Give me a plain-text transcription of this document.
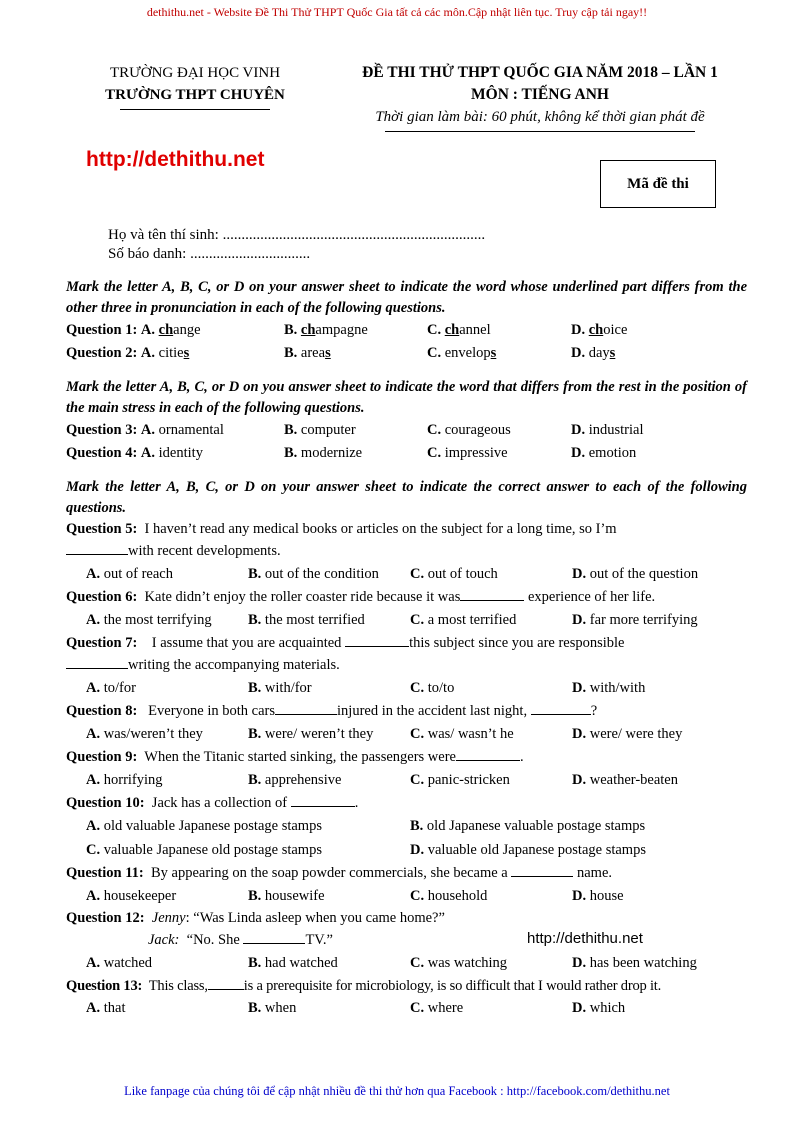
dethithu.net - Website Đề Thi Thử THPT Quốc Gia tất cả các môn.Cập nhật liên tục. Truy cập tải ngay!!
TRƯỜNG ĐẠI HỌC VINH
TRƯỜNG THPT CHUYÊN
ĐỀ THI THỬ THPT QUỐC GIA NĂM 2018 – LẦN 1
MÔN : TIẾNG ANH
Thời gian làm bài: 60 phút, không kể thời gian phát đề
http://dethithu.net
Mã đề thi
Họ và tên thí sinh: ......................................................................
Số báo danh: ................................
http://dethithu.net

Mark the letter A, B, C, or D on your answer sheet to indicate the word whose underlined part differs from the other three in pronunciation in each of the following questions.

Question 1: A. change	B. champagne	C. channel	D. choice
Question 2: A. cities	B. areas	C. envelops	D. days

Mark the letter A, B, C, or D on you answer sheet to indicate the word that differs from the rest in the position of the main stress in each of the following questions.

Question 3: A. ornamental	B. computer	C. courageous	D. industrial
Question 4: A. identity	B. modernize	C. impressive	D. emotion

Mark the letter A, B, C, or D on your answer sheet to indicate the correct answer to each of the following questions.

Question 5: I haven’t read any medical books or articles on the subject for a long time, so I’m
with recent developments.

A. out of reach	B. out of the condition	C. out of touch	D. out of the question

Question 6: Kate didn’t enjoy the roller coaster ride because it was	experience of her life.

A. the most terrifying	B. the most terrified	C. a most terrified	D. far more terrifying

Question 7: I assume that you are acquainted	this subject since you are responsible
writing the accompanying materials.

A. to/for	B. with/for	C. to/to	D. with/with

Question 8: Everyone in both cars	injured in the accident last night,	?

A. was/weren’t they	B. were/ weren’t they	C. was/ wasn’t he	D. were/ were they

Question 9: When the Titanic started sinking, the passengers were	.

A. horrifying	B. apprehensive	C. panic-stricken	D. weather-beaten

Question 10: Jack has a collection of	.

A. old valuable Japanese postage stamps	B. old Japanese valuable postage stamps
C. valuable Japanese old postage stamps	D. valuable old Japanese postage stamps

Question 11: By appearing on the soap powder commercials, she became a	name.

A. housekeeper	B. housewife	C. household	D. house

Question 12: Jenny: “Was Linda asleep when you came home?”
Jack: “No. She	TV.”

A. watched	B. had watched	C. was watching	D. has been watching

Question 13: This class, is a prerequisite for microbiology, is so difficult that I would rather drop it.

A. that	B. when	C. where	D. which
Like fanpage của chúng tôi để cập nhật nhiều đề thi thử hơn qua Facebook : http://facebook.com/dethithu.net
